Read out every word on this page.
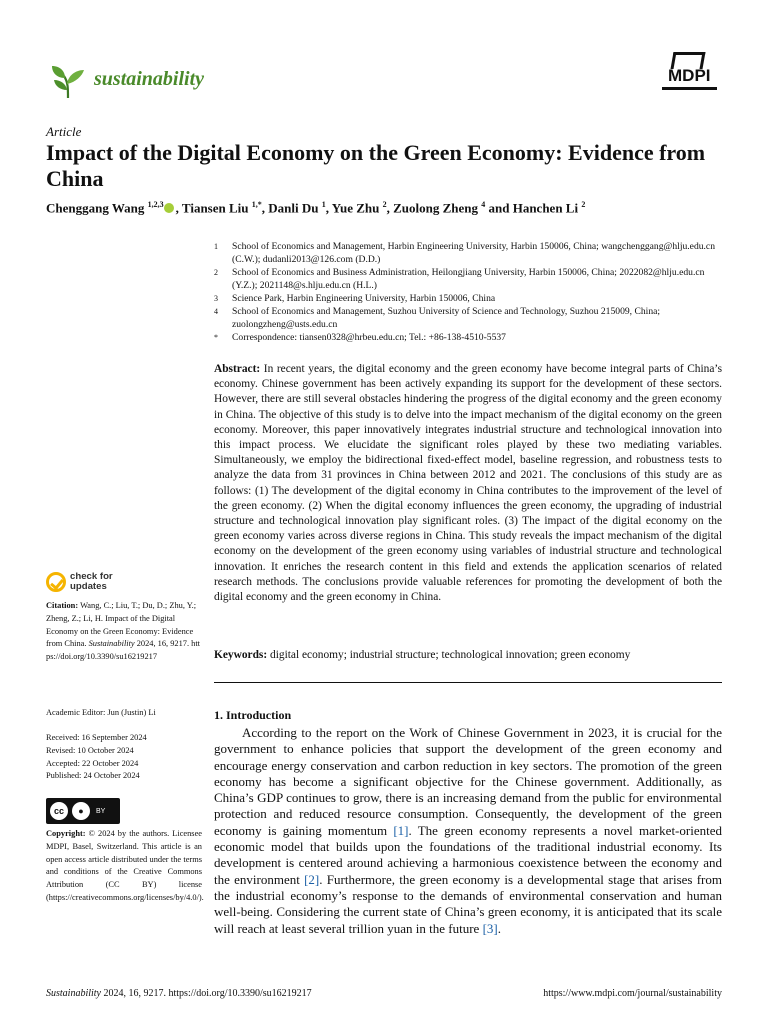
sustainability	MDPI
Article
Impact of the Digital Economy on the Green Economy: Evidence from China
Chenggang Wang $^{1,2,3}$ , Tiansen Liu $^{1,*}$, Danli Du $^1$, Yue Zhu $^2$, Zuolong Zheng $^4$ and Hanchen Li $^2$
1	School of Economics and Management, Harbin Engineering University, Harbin 150006, China; wangchenggang@hlju.edu.cn (C.W.); dudanli2013@126.com (D.D.)
2	School of Economics and Business Administration, Heilongjiang University, Harbin 150006, China; 2022082@hlju.edu.cn (Y.Z.); 2021148@s.hlju.edu.cn (H.L.)
3	Science Park, Harbin Engineering University, Harbin 150006, China
4	School of Economics and Management, Suzhou University of Science and Technology, Suzhou 215009, China; zuolongzheng@usts.edu.cn
*	Correspondence: tiansen0328@hrbeu.edu.cn; Tel.: +86-138-4510-5537
Abstract: In recent years, the digital economy and the green economy have become integral parts of China’s economy. Chinese government has been actively expanding its support for the development of these sectors. However, there are still several obstacles hindering the progress of the digital economy and the green economy in China. The objective of this study is to delve into the impact mechanism of the digital economy on the green economy. Moreover, this paper innovatively integrates industrial structure and technological innovation into this impact process. We elucidate the significant roles played by these two mediating variables. Simultaneously, we employ the bidirectional fixed-effect model, baseline regression, and robustness tests to analyze the data from 31 provinces in China between 2012 and 2021. The conclusions of this study are as follows: (1) The development of the digital economy in China contributes to the improvement of the level of the green economy. (2) When the digital economy influences the green economy, the upgrading of industrial structure and technological innovation play significant roles. (3) The impact of the digital economy on the green economy varies across diverse regions in China. This study reveals the impact mechanism of the digital economy on the development of the green economy using variables of industrial structure and technological innovation. It enriches the research content in this field and extends the application scenarios of related research methods. The conclusions provide valuable references for promoting the development of both the digital economy and the green economy in China.
Keywords: digital economy; industrial structure; technological innovation; green economy
check for
updates
Citation: Wang, C.; Liu, T.; Du, D.; Zhu, Y.; Zheng, Z.; Li, H. Impact of the Digital Economy on the Green Economy: Evidence from China. Sustainability 2024, 16, 9217. https://doi.org/10.3390/su16219217
Academic Editor: Jun (Justin) Li
Received: 16 September 2024
Revised: 10 October 2024
Accepted: 22 October 2024
Published: 24 October 2024
cc	●	BY
Copyright: © 2024 by the authors. Licensee MDPI, Basel, Switzerland. This article is an open access article distributed under the terms and conditions of the Creative Commons Attribution (CC BY) license (https://creativecommons.org/licenses/by/4.0/).
1. Introduction
According to the report on the Work of Chinese Government in 2023, it is crucial for the government to enhance policies that support the development of the green economy and encourage energy conservation and carbon reduction in key sectors. The promotion of the green economy has become a significant objective for the Chinese government. Additionally, as China’s GDP continues to grow, there is an increasing demand from the public for environmental protection and reduced resource consumption. Consequently, the development of the green economy is gaining momentum [1]. The green economy represents a novel market-oriented economic model that builds upon the foundations of the traditional industrial economy. Its development is centered around achieving a harmonious coexistence between the economy and the environment [2]. Furthermore, the green economy is a developmental stage that arises from the industrial economy’s response to the demands of environmental conservation and human well-being. Considering the current state of China’s green economy, it is anticipated that its scale will reach at least several trillion yuan in the future [3].
Sustainability 2024, 16, 9217. https://doi.org/10.3390/su16219217	https://www.mdpi.com/journal/sustainability
